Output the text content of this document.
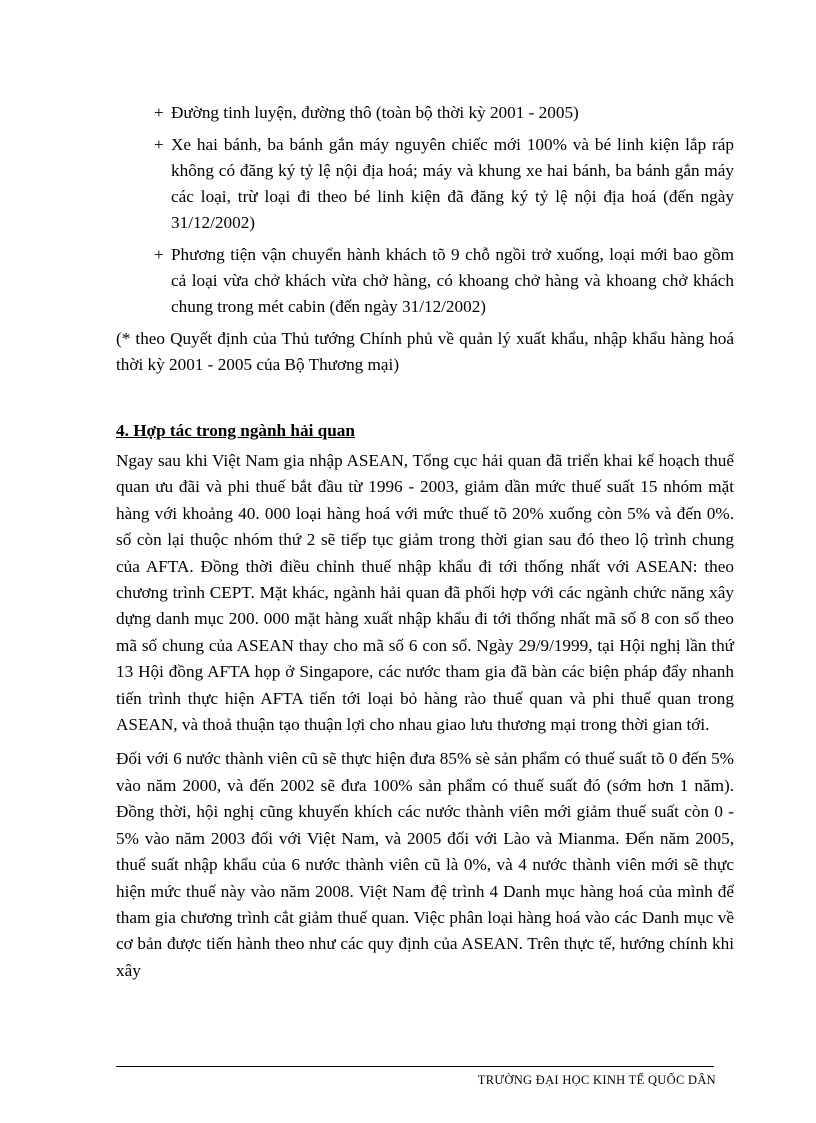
+ Đường tinh luyện, đường thô (toàn bộ thời kỳ 2001 - 2005)
+ Xe hai bánh, ba bánh gắn máy nguyên chiếc mới 100% và bé linh kiện lắp ráp không có đăng ký tỷ lệ nội địa hoá; máy và khung xe hai bánh, ba bánh gắn máy các loại, trừ loại đi theo bé linh kiện đã đăng ký tỷ lệ nội địa hoá (đến ngày 31/12/2002)
+ Phương tiện vận chuyển hành khách tõ 9 chỗ ngồi trở xuống, loại mới bao gồm cả loại vừa chở khách vừa chở hàng, có khoang chở hàng và khoang chở khách chung trong mét cabin (đến ngày 31/12/2002)
(* theo Quyết định của Thủ tướng Chính phủ về quản lý xuất khẩu, nhập khẩu hàng hoá thời kỳ 2001 - 2005 của Bộ Thương mại)
4. Hợp tác trong ngành hải quan

Ngay sau khi Việt Nam gia nhập ASEAN, Tổng cục hải quan đã triển khai kế hoạch thuế quan ưu đãi và phi thuế bắt đầu từ 1996 - 2003, giảm dần mức thuế suất 15 nhóm mặt hàng với khoảng 40. 000 loại hàng hoá với mức thuế tõ 20% xuống còn 5% và đến 0%. số còn lại thuộc nhóm thứ 2 sẽ tiếp tục giảm trong thời gian sau đó theo lộ trình chung của AFTA. Đồng thời điều chỉnh thuế nhập khẩu đi tới thống nhất với ASEAN: theo chương trình CEPT. Mặt khác, ngành hải quan đã phối hợp với các ngành chức năng xây dựng danh mục 200. 000 mặt hàng xuất nhập khẩu đi tới thống nhất mã số 8 con số theo mã số chung của ASEAN thay cho mã số 6 con số. Ngày 29/9/1999, tại Hội nghị lần thứ 13 Hội đồng AFTA họp ở Singapore, các nước tham gia đã bàn các biện pháp đẩy nhanh tiến trình thực hiện AFTA tiến tới loại bỏ hàng rào thuế quan và phi thuế quan trong ASEAN, và thoả thuận tạo thuận lợi cho nhau giao lưu thương mại trong thời gian tới.

Đối với 6 nước thành viên cũ sẽ thực hiện đưa 85% sè sản phẩm có thuế suất tõ 0 đến 5% vào năm 2000, và đến 2002 sẽ đưa 100% sản phẩm có thuế suất đó (sớm hơn 1 năm). Đồng thời, hội nghị cũng khuyến khích các nước thành viên mới giảm thuế suất còn 0 - 5% vào năm 2003 đối với Việt Nam, và 2005 đối với Lào và Mianma. Đến năm 2005, thuế suất nhập khẩu của 6 nước thành viên cũ là 0%, và 4 nước thành viên mới sẽ thực hiện mức thuế này vào năm 2008. Việt Nam đệ trình 4 Danh mục hàng hoá của mình để tham gia chương trình cắt giảm thuế quan. Việc phân loại hàng hoá vào các Danh mục về cơ bản được tiến hành theo như các quy định của ASEAN. Trên thực tế, hướng chính khi xây

TRƯỜNG ĐẠI HỌC KINH TẾ QUỐC DÂN
